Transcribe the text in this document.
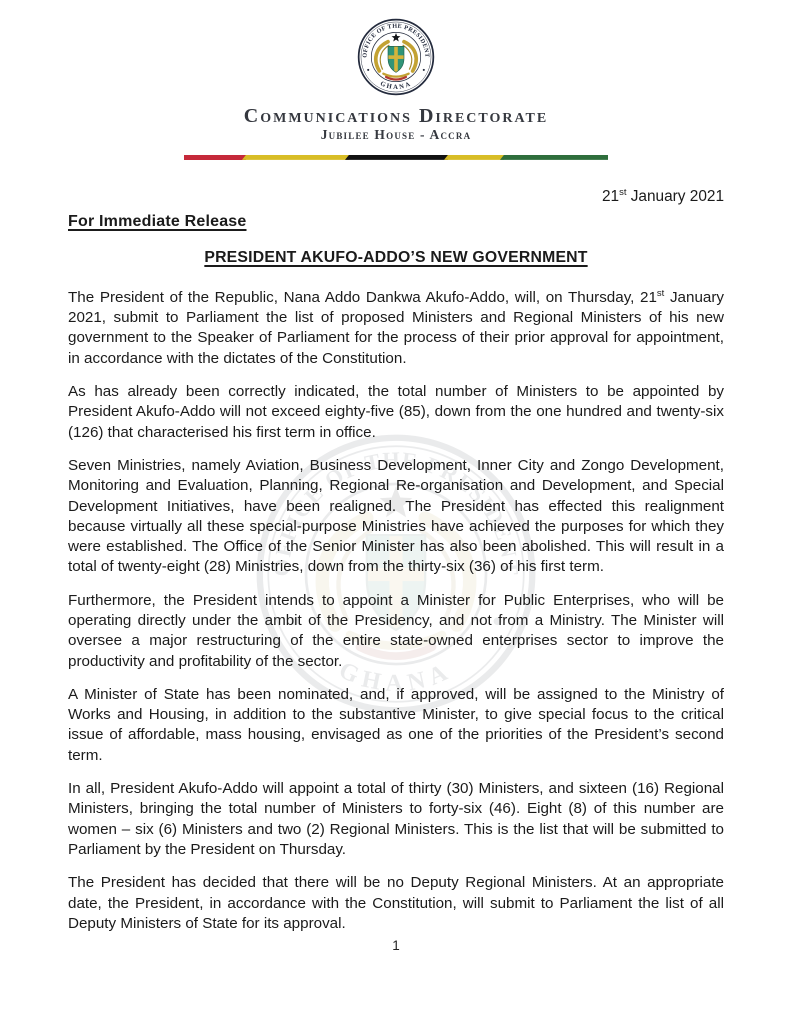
OFFICE OF THE PRESIDENT
GHANA
Communications Directorate
Jubilee House - Accra
21st January 2021
For Immediate Release
PRESIDENT AKUFO-ADDO’S NEW GOVERNMENT

The President of the Republic, Nana Addo Dankwa Akufo-Addo, will, on Thursday, 21st January 2021, submit to Parliament the list of proposed Ministers and Regional Ministers of his new government to the Speaker of Parliament for the process of their prior approval for appointment, in accordance with the dictates of the Constitution.

As has already been correctly indicated, the total number of Ministers to be appointed by President Akufo-Addo will not exceed eighty-five (85), down from the one hundred and twenty-six (126) that characterised his first term in office.

Seven Ministries, namely Aviation, Business Development, Inner City and Zongo Development, Monitoring and Evaluation, Planning, Regional Re-organisation and Development, and Special Development Initiatives, have been realigned. The President has effected this realignment because virtually all these special-purpose Ministries have achieved the purposes for which they were established. The Office of the Senior Minister has also been abolished. This will result in a total of twenty-eight (28) Ministries, down from the thirty-six (36) of his first term.

Furthermore, the President intends to appoint a Minister for Public Enterprises, who will be operating directly under the ambit of the Presidency, and not from a Ministry. The Minister will oversee a major restructuring of the entire state-owned enterprises sector to improve the productivity and profitability of the sector.

A Minister of State has been nominated, and, if approved, will be assigned to the Ministry of Works and Housing, in addition to the substantive Minister, to give special focus to the critical issue of affordable, mass housing, envisaged as one of the priorities of the President’s second term.

In all, President Akufo-Addo will appoint a total of thirty (30) Ministers, and sixteen (16) Regional Ministers, bringing the total number of Ministers to forty-six (46). Eight (8) of this number are women – six (6) Ministers and two (2) Regional Ministers. This is the list that will be submitted to Parliament by the President on Thursday.

The President has decided that there will be no Deputy Regional Ministers. At an appropriate date, the President, in accordance with the Constitution, will submit to Parliament the list of all Deputy Ministers of State for its approval.

1
